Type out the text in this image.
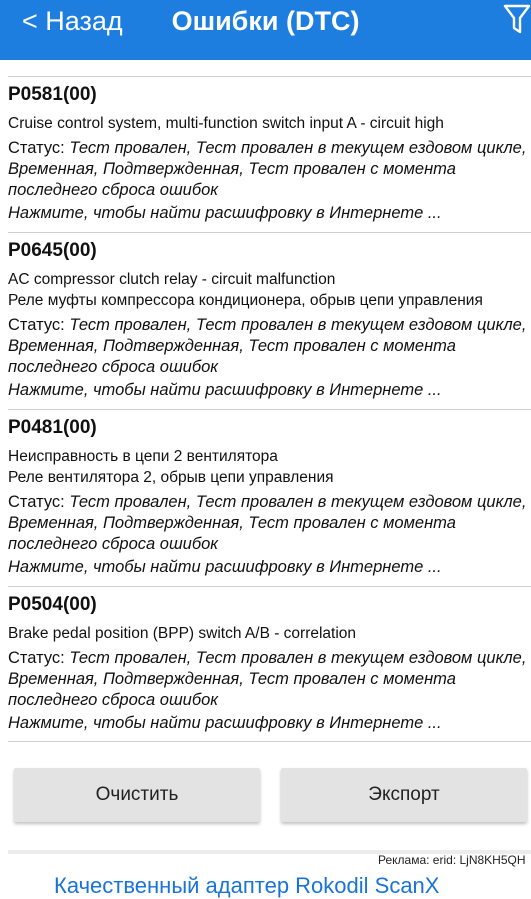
< Назад	Ошибки (DTC)
P0581(00)
Cruise control system, multi-function switch input A - circuit high
Статус: Тест провален, Тест провален в текущем ездовом цикле, Временная, Подтвержденная, Тест провален с момента последнего сброса ошибок
Нажмите, чтобы найти расшифровку в Интернете ...
P0645(00)
AC compressor clutch relay - circuit malfunction
Реле муфты компрессора кондиционера, обрыв цепи управления
Статус: Тест провален, Тест провален в текущем ездовом цикле, Временная, Подтвержденная, Тест провален с момента последнего сброса ошибок
Нажмите, чтобы найти расшифровку в Интернете ...
P0481(00)
Неисправность в цепи 2 вентилятора
Реле вентилятора 2, обрыв цепи управления
Статус: Тест провален, Тест провален в текущем ездовом цикле, Временная, Подтвержденная, Тест провален с момента последнего сброса ошибок
Нажмите, чтобы найти расшифровку в Интернете ...
P0504(00)
Brake pedal position (BPP) switch A/B - correlation
Статус: Тест провален, Тест провален в текущем ездовом цикле, Временная, Подтвержденная, Тест провален с момента последнего сброса ошибок
Нажмите, чтобы найти расшифровку в Интернете ...
Очистить	Экспорт
Реклама: erid: LjN8KH5QH
Качественный адаптер Rokodil ScanX
